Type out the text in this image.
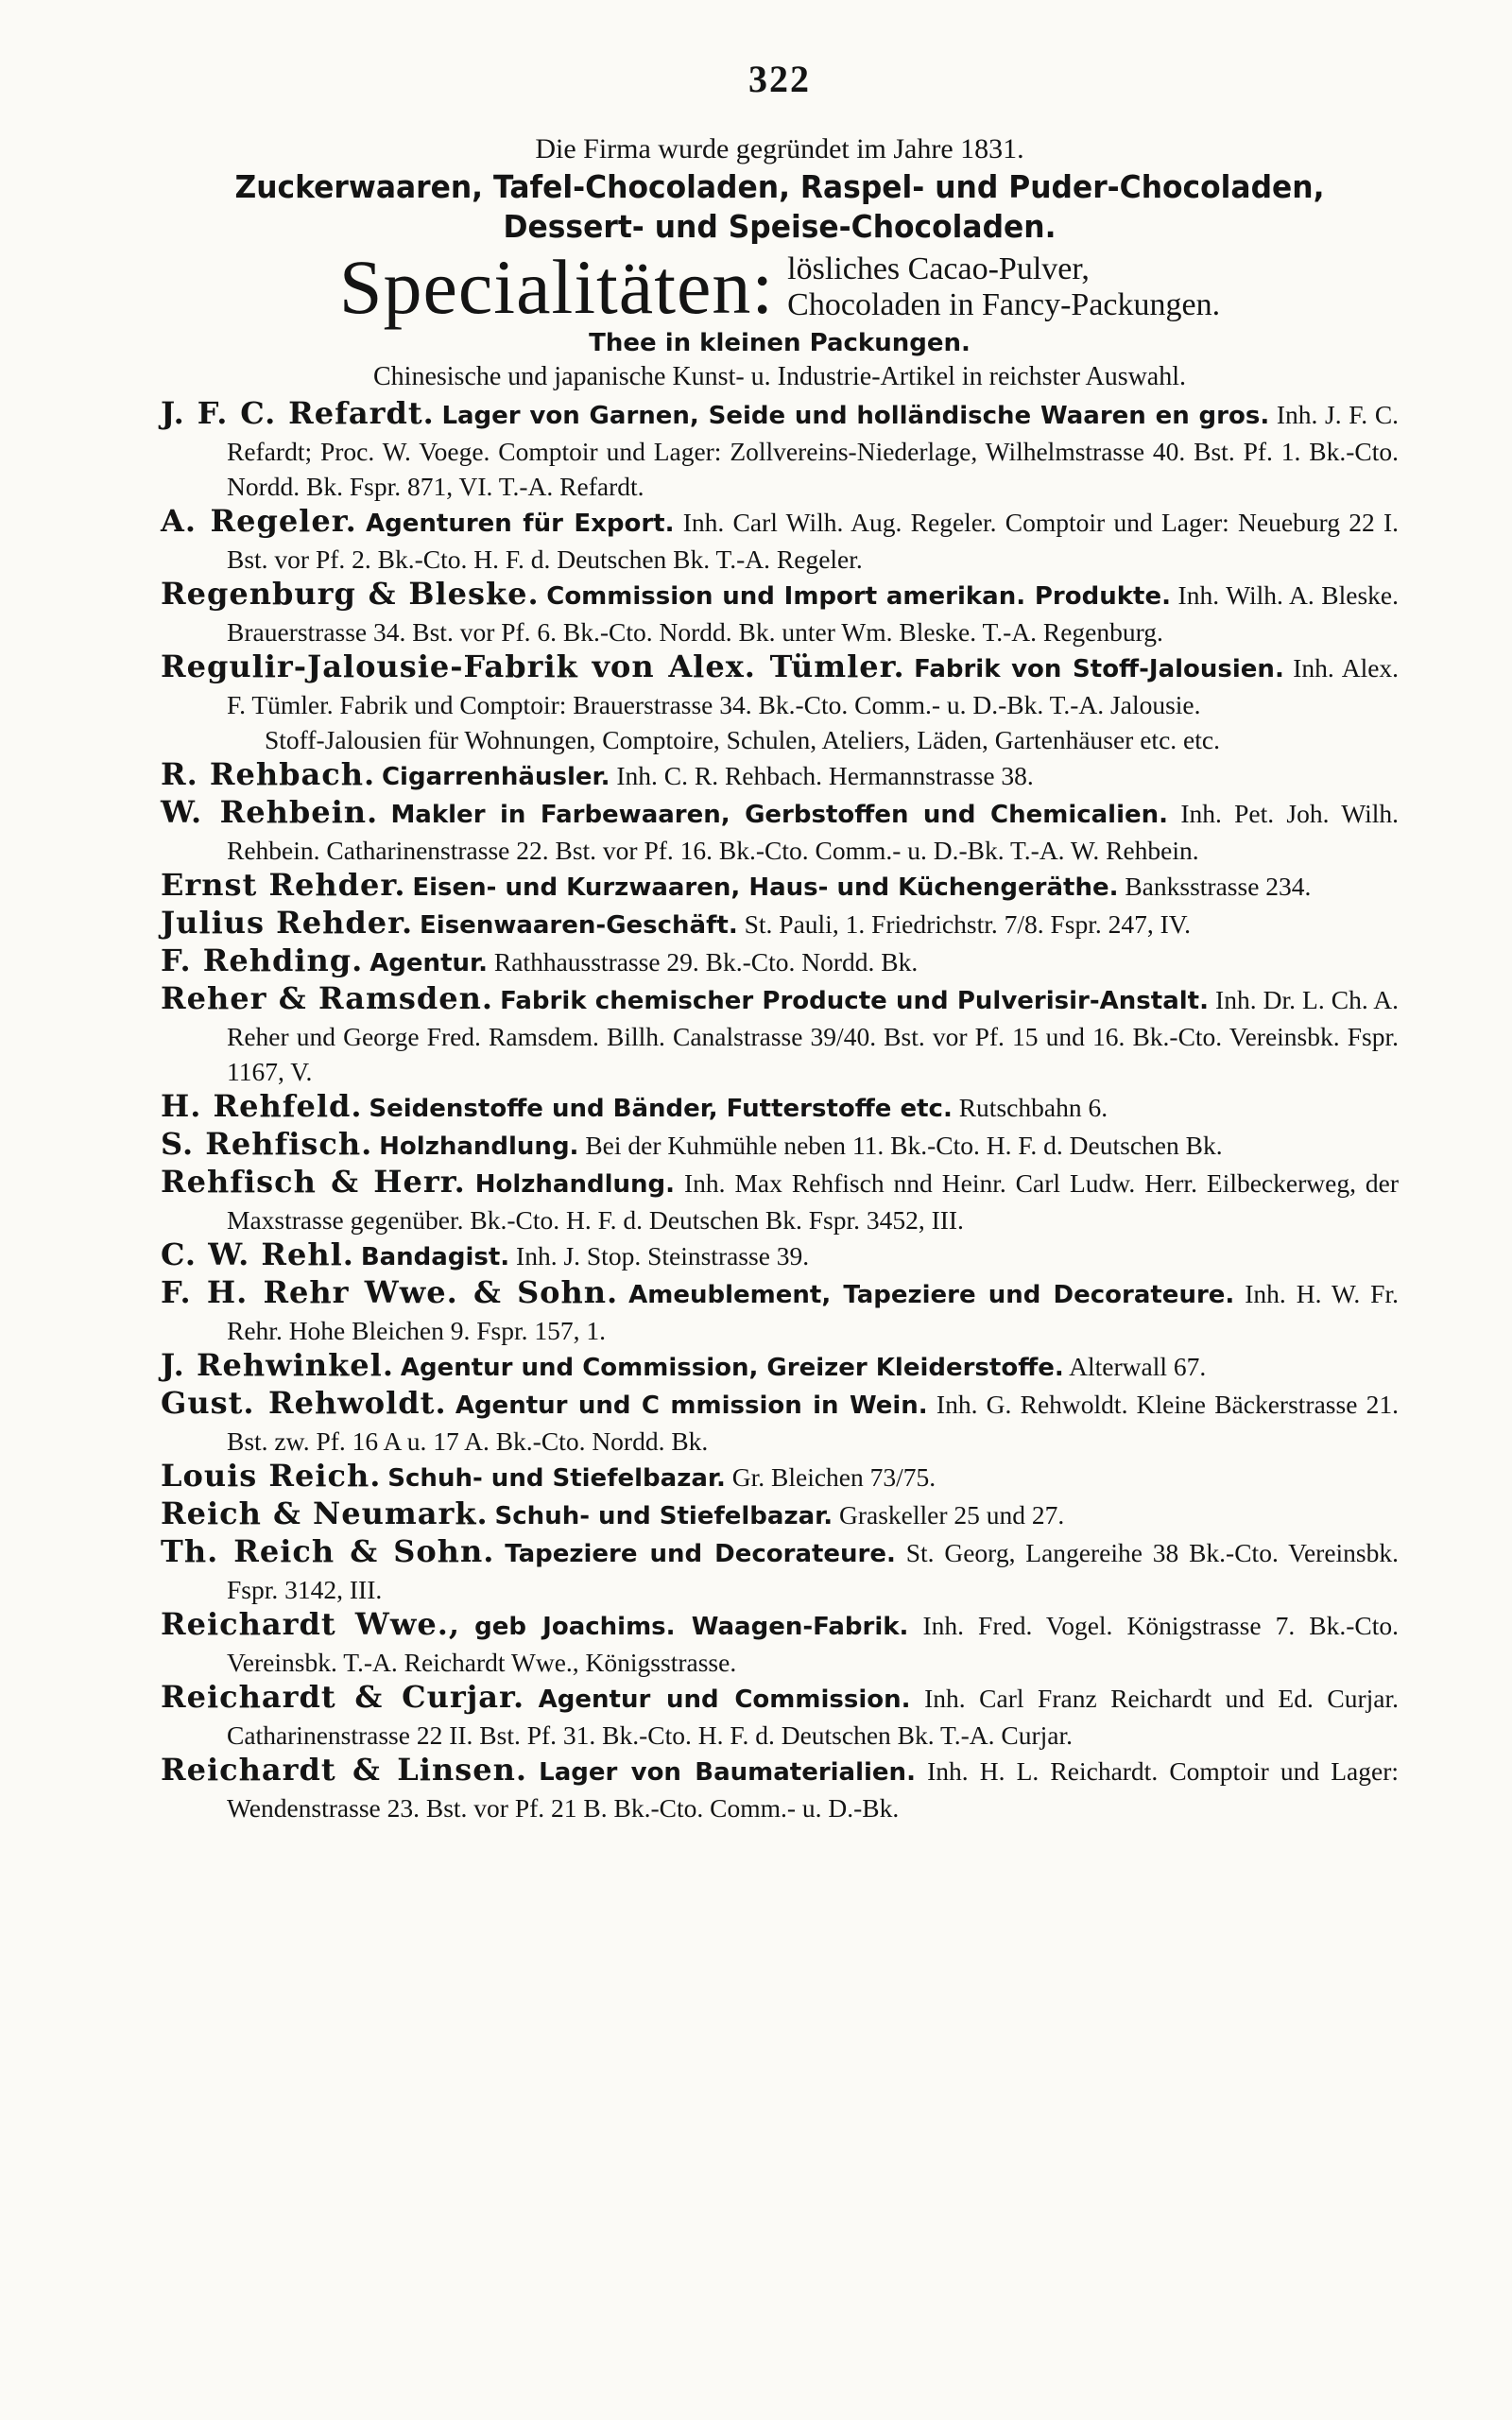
322
Die Firma wurde gegründet im Jahre 1831.
Zuckerwaaren, Tafel-Chocoladen, Raspel- und Puder-Chocoladen,
Dessert- und Speise-Chocoladen.
Specialitäten: lösliches Cacao-Pulver,
Chocoladen in Fancy-Packungen.
Thee in kleinen Packungen.
Chinesische und japanische Kunst- u. Industrie-Artikel in reichster Auswahl.
J. F. C. Refardt. Lager von Garnen, Seide und holländische Waaren en gros. Inh. J. F. C. Refardt; Proc. W. Voege. Comptoir und Lager: Zollvereins-Niederlage, Wilhelmstrasse 40. Bst. Pf. 1. Bk.-Cto. Nordd. Bk. Fspr. 871, VI. T.-A. Refardt.
A. Regeler. Agenturen für Export. Inh. Carl Wilh. Aug. Regeler. Comptoir und Lager: Neueburg 22 I. Bst. vor Pf. 2. Bk.-Cto. H. F. d. Deutschen Bk. T.-A. Regeler.
Regenburg & Bleske. Commission und Import amerikan. Produkte. Inh. Wilh. A. Bleske. Brauerstrasse 34. Bst. vor Pf. 6. Bk.-Cto. Nordd. Bk. unter Wm. Bleske. T.-A. Regenburg.
Regulir-Jalousie-Fabrik von Alex. Tümler. Fabrik von Stoff-Jalousien. Inh. Alex. F. Tümler. Fabrik und Comptoir: Brauerstrasse 34. Bk.-Cto. Comm.- u. D.-Bk. T.-A. Jalousie.
Stoff-Jalousien für Wohnungen, Comptoire, Schulen, Ateliers, Läden, Gartenhäuser etc. etc.
R. Rehbach. Cigarrenhäusler. Inh. C. R. Rehbach. Hermannstrasse 38.
W. Rehbein. Makler in Farbewaaren, Gerbstoffen und Chemicalien. Inh. Pet. Joh. Wilh. Rehbein. Catharinenstrasse 22. Bst. vor Pf. 16. Bk.-Cto. Comm.- u. D.-Bk. T.-A. W. Rehbein.
Ernst Rehder. Eisen- und Kurzwaaren, Haus- und Küchengeräthe. Banksstrasse 234.
Julius Rehder. Eisenwaaren-Geschäft. St. Pauli, 1. Friedrichstr. 7/8. Fspr. 247, IV.
F. Rehding. Agentur. Rathhausstrasse 29. Bk.-Cto. Nordd. Bk.
Reher & Ramsden. Fabrik chemischer Producte und Pulverisir-Anstalt. Inh. Dr. L. Ch. A. Reher und George Fred. Ramsdem. Billh. Canalstrasse 39/40. Bst. vor Pf. 15 und 16. Bk.-Cto. Vereinsbk. Fspr. 1167, V.
H. Rehfeld. Seidenstoffe und Bänder, Futterstoffe etc. Rutschbahn 6.
S. Rehfisch. Holzhandlung. Bei der Kuhmühle neben 11. Bk.-Cto. H. F. d. Deutschen Bk.
Rehfisch & Herr. Holzhandlung. Inh. Max Rehfisch nnd Heinr. Carl Ludw. Herr. Eilbeckerweg, der Maxstrasse gegenüber. Bk.-Cto. H. F. d. Deutschen Bk. Fspr. 3452, III.
C. W. Rehl. Bandagist. Inh. J. Stop. Steinstrasse 39.
F. H. Rehr Wwe. & Sohn. Ameublement, Tapeziere und Decorateure. Inh. H. W. Fr. Rehr. Hohe Bleichen 9. Fspr. 157, 1.
J. Rehwinkel. Agentur und Commission, Greizer Kleiderstoffe. Alterwall 67.
Gust. Rehwoldt. Agentur und C mmission in Wein. Inh. G. Rehwoldt. Kleine Bäckerstrasse 21. Bst. zw. Pf. 16 A u. 17 A. Bk.-Cto. Nordd. Bk.
Louis Reich. Schuh- und Stiefelbazar. Gr. Bleichen 73/75.
Reich & Neumark. Schuh- und Stiefelbazar. Graskeller 25 und 27.
Th. Reich & Sohn. Tapeziere und Decorateure. St. Georg, Langereihe 38 Bk.-Cto. Vereinsbk. Fspr. 3142, III.
Reichardt Wwe., geb Joachims. Waagen-Fabrik. Inh. Fred. Vogel. Königstrasse 7. Bk.-Cto. Vereinsbk. T.-A. Reichardt Wwe., Königsstrasse.
Reichardt & Curjar. Agentur und Commission. Inh. Carl Franz Reichardt und Ed. Curjar. Catharinenstrasse 22 II. Bst. Pf. 31. Bk.-Cto. H. F. d. Deutschen Bk. T.-A. Curjar.
Reichardt & Linsen. Lager von Baumaterialien. Inh. H. L. Reichardt. Comptoir und Lager: Wendenstrasse 23. Bst. vor Pf. 21 B. Bk.-Cto. Comm.- u. D.-Bk.
